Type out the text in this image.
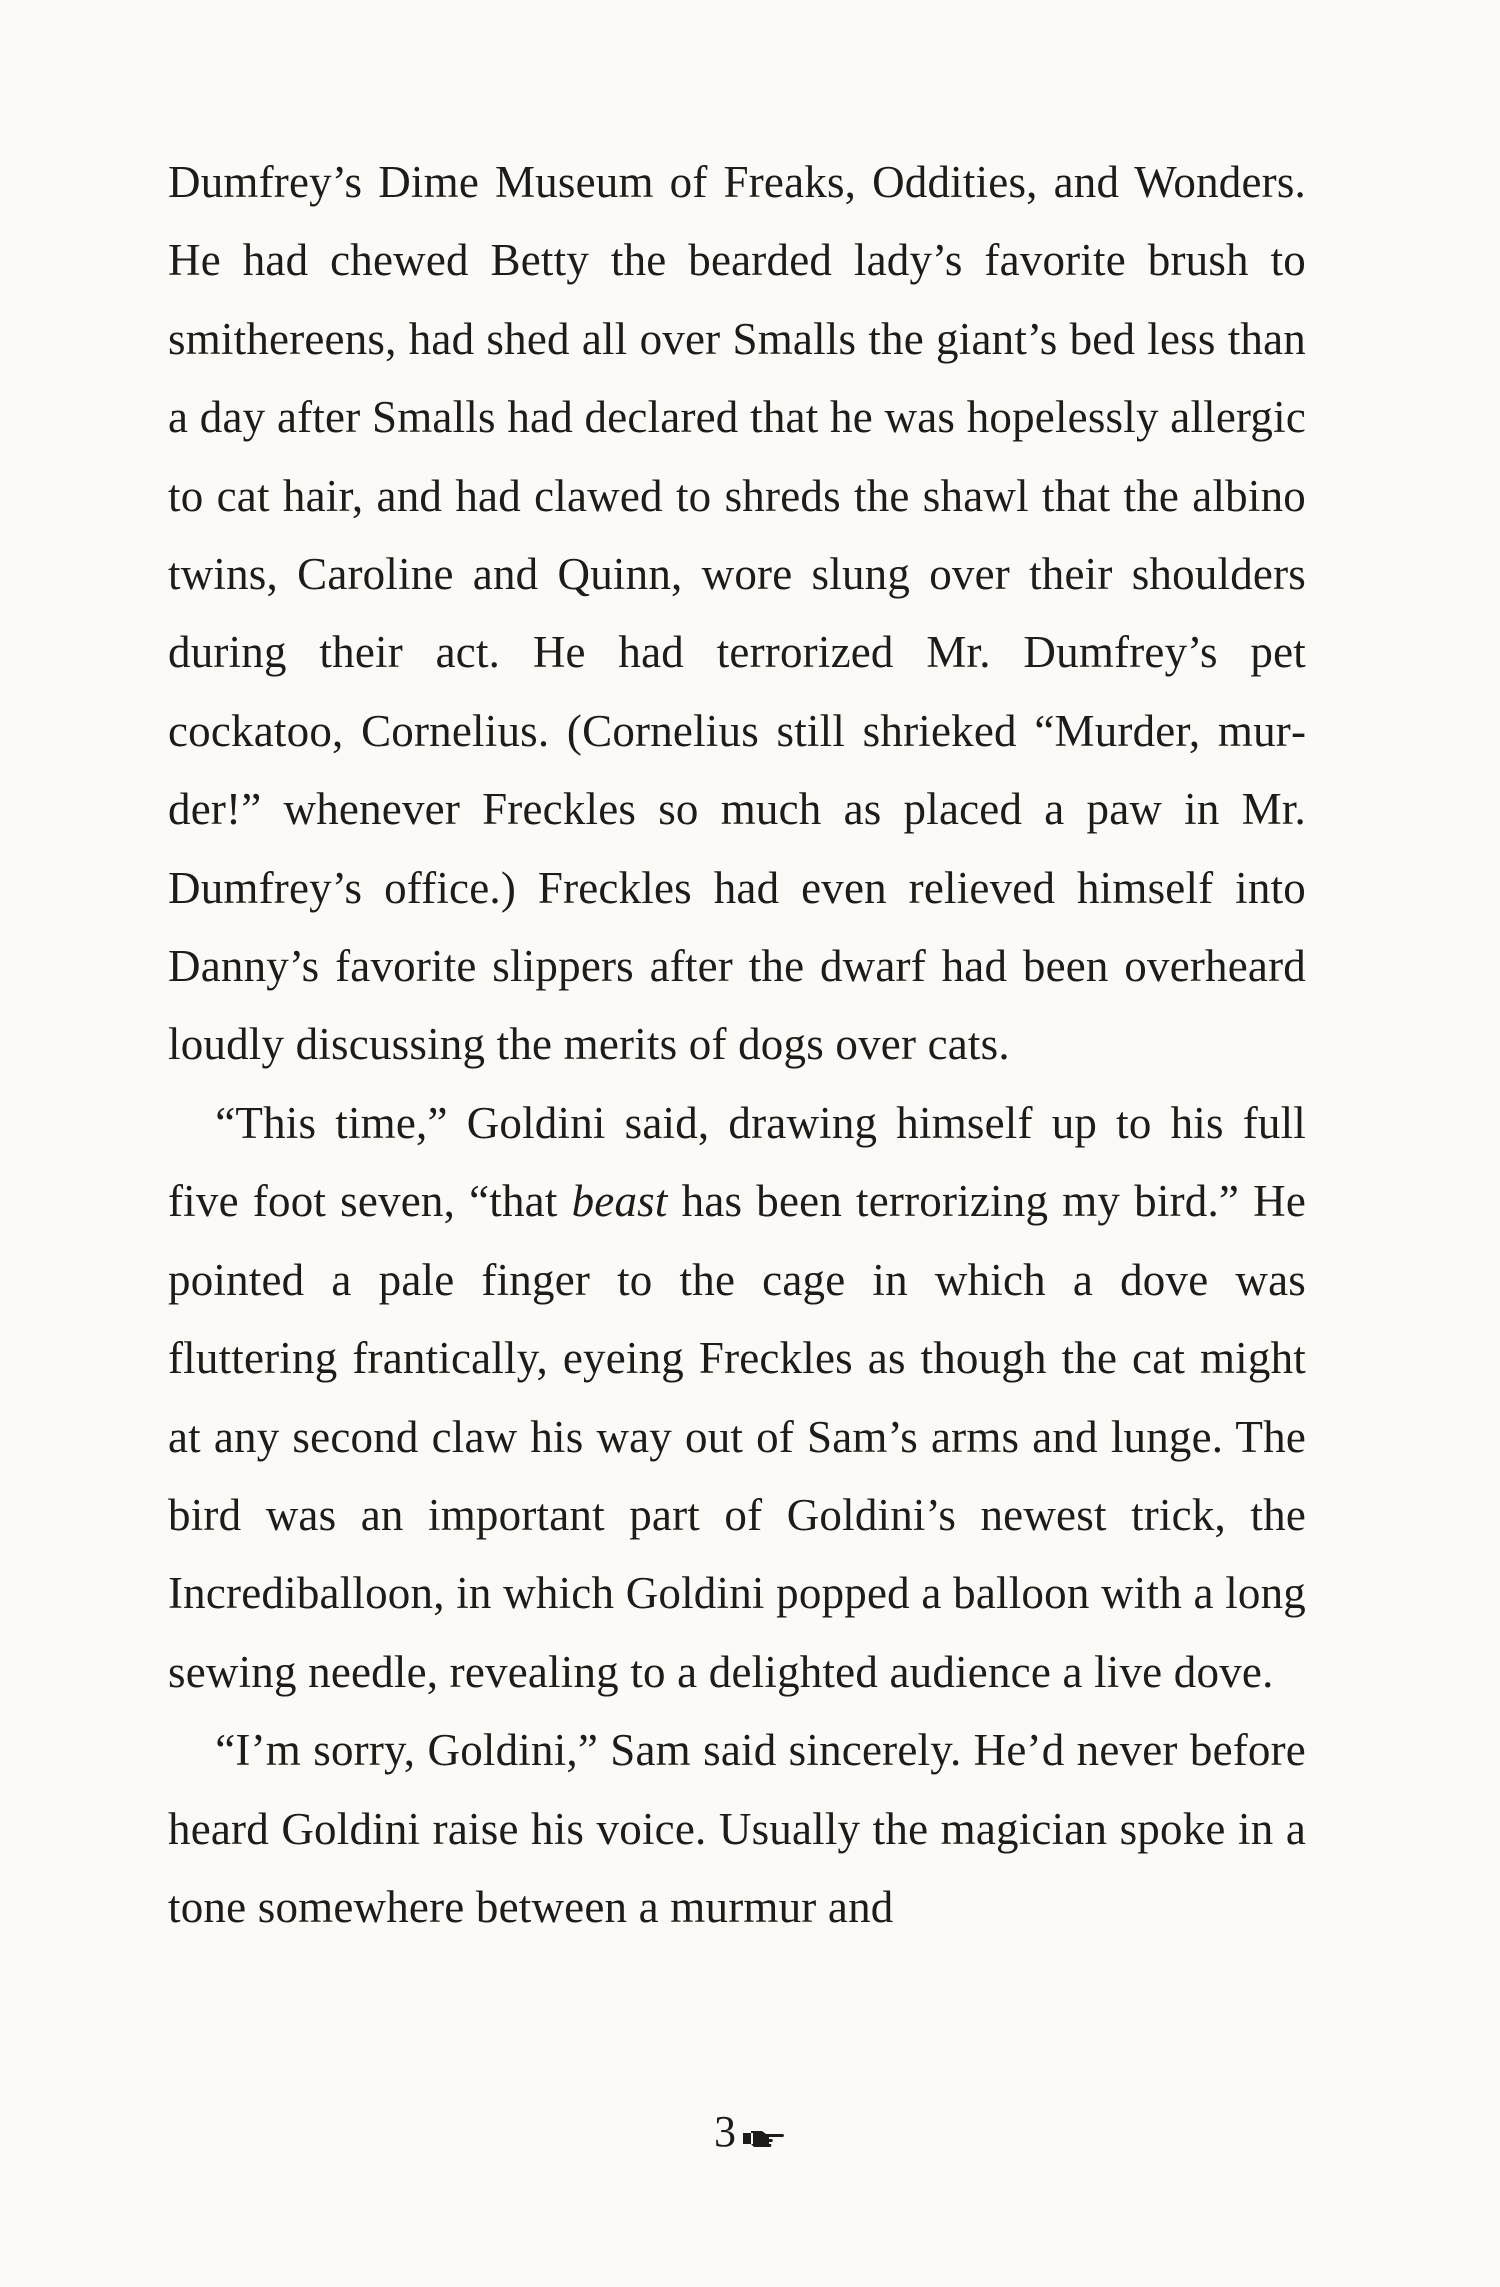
Dumfrey’s Dime Museum of Freaks, Oddities, and Wonders. He had chewed Betty the bearded lady’s favorite brush to smithereens, had shed all over Smalls the giant’s bed less than a day after Smalls had declared that he was hopelessly allergic to cat hair, and had clawed to shreds the shawl that the albino twins, Caroline and Quinn, wore slung over their shoulders during their act. He had terrorized Mr. Dumfrey’s pet cockatoo, Cornelius. (Cornelius still shrieked “Murder, murder!” whenever Freckles so much as placed a paw in Mr. Dumfrey’s office.) Freckles had even relieved himself into Danny’s favorite slippers after the dwarf had been overheard loudly discussing the merits of dogs over cats.

“This time,” Goldini said, drawing himself up to his full five foot seven, “that beast has been terrorizing my bird.” He pointed a pale finger to the cage in which a dove was fluttering frantically, eyeing Freckles as though the cat might at any second claw his way out of Sam’s arms and lunge. The bird was an important part of Goldini’s newest trick, the Incrediballoon, in which Goldini popped a balloon with a long sewing needle, revealing to a delighted audience a live dove.

“I’m sorry, Goldini,” Sam said sincerely. He’d never before heard Goldini raise his voice. Usually the magician spoke in a tone somewhere between a murmur and

3
